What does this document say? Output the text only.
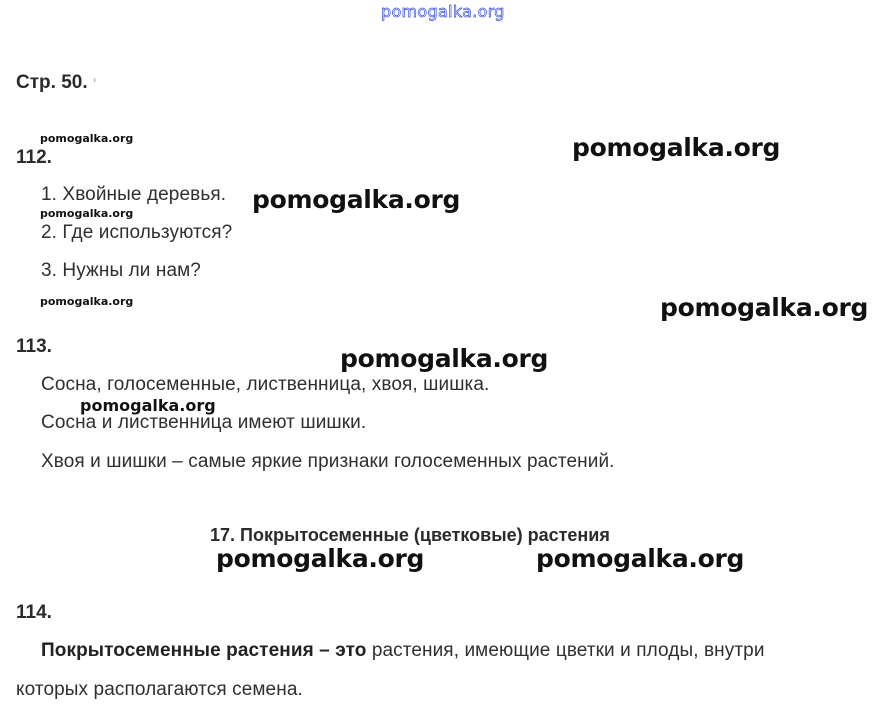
pomogalka.org
Стр. 50. '
pomogalka.org
112.	pomogalka.org
1. Хвойные деревья. pomogalka.org
pomogalka.org
2. Где используются?
3. Нужны ли нам?
pomogalka.org	pomogalka.org
113.	pomogalka.org
Сосна, голосеменные, лиственница, хвоя, шишка.
pomogalka.org
Сосна и лиственница имеют шишки.
Хвоя и шишки – самые яркие признаки голосеменных растений.
17. Покрытосеменные (цветковые) растения
pomogalka.org	pomogalka.org
114.
Покрытосеменные растения – это растения, имеющие цветки и плоды, внутри
которых располагаются семена.
